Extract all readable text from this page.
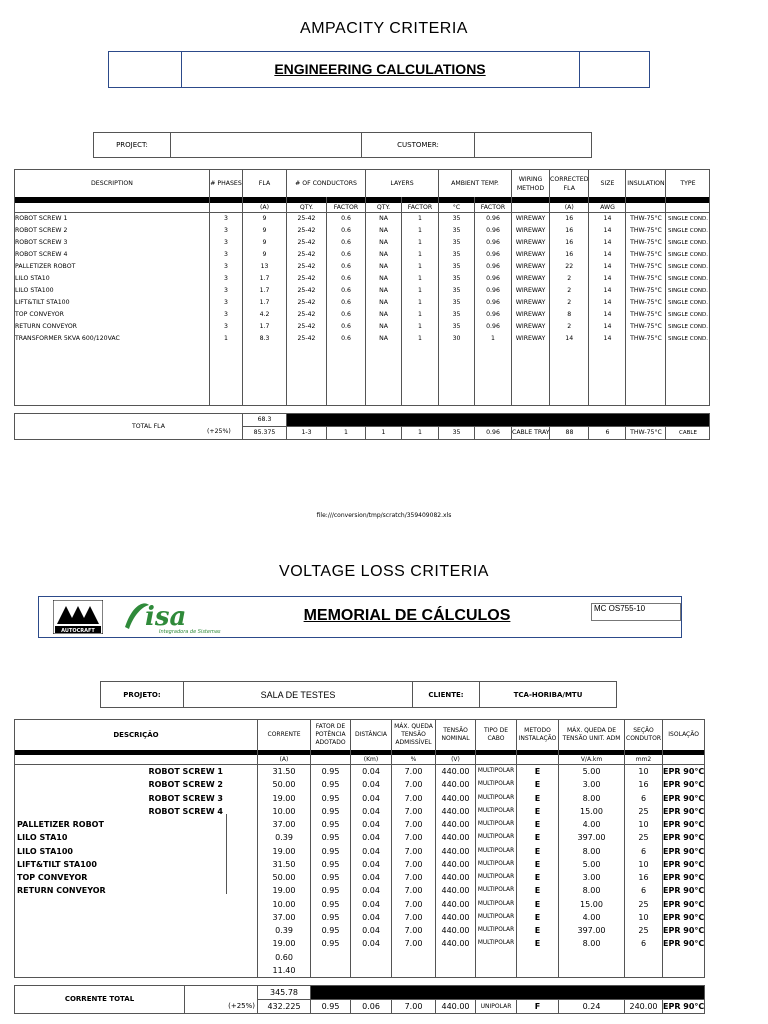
AMPACITY CRITERIA
ENGINEERING CALCULATIONS
PROJECT:		CUSTOMER:	
DESCRIPTION	# PHASES	FLA	# OF CONDUCTORS		LAYERS		AMBIENT TEMP.		WIRING METHOD	CORRECTED FLA	SIZE	INSULATION	TYPE

		(A)	QTY.	FACTOR	QTY.	FACTOR	°C	FACTOR		(A)	AWG		
ROBOT SCREW 1	3	9	25-42	0.6	NA	1	35	0.96	WIREWAY	16	14	THW-75°C	SINGLE COND.
ROBOT SCREW 2	3	9	25-42	0.6	NA	1	35	0.96	WIREWAY	16	14	THW-75°C	SINGLE COND.
ROBOT SCREW 3	3	9	25-42	0.6	NA	1	35	0.96	WIREWAY	16	14	THW-75°C	SINGLE COND.
ROBOT SCREW 4	3	9	25-42	0.6	NA	1	35	0.96	WIREWAY	16	14	THW-75°C	SINGLE COND.
PALLETIZER ROBOT	3	13	25-42	0.6	NA	1	35	0.96	WIREWAY	22	14	THW-75°C	SINGLE COND.
LILO STA10	3	1.7	25-42	0.6	NA	1	35	0.96	WIREWAY	2	14	THW-75°C	SINGLE COND.
LILO STA100	3	1.7	25-42	0.6	NA	1	35	0.96	WIREWAY	2	14	THW-75°C	SINGLE COND.
LIFT&TILT STA100	3	1.7	25-42	0.6	NA	1	35	0.96	WIREWAY	2	14	THW-75°C	SINGLE COND.
TOP CONVEYOR	3	4.2	25-42	0.6	NA	1	35	0.96	WIREWAY	8	14	THW-75°C	SINGLE COND.
RETURN CONVEYOR	3	1.7	25-42	0.6	NA	1	35	0.96	WIREWAY	2	14	THW-75°C	SINGLE COND.
TRANSFORMER 5KVA 600/120VAC	1	8.3	25-42	0.6	NA	1	30	1	WIREWAY	14	14	THW-75°C	SINGLE COND.

TOTAL FLA	68.3											
	85.375	1-3	1	1	1	35	0.96	CABLE TRAY	88	6	THW-75°C	CABLE
(+25%)
file:///conversion/tmp/scratch/359409082.xls
VOLTAGE LOSS CRITERIA
AUTOCRAFT isa
Integradora de Sistemas
MEMORIAL DE CÁLCULOS	MC OS755-10
PROJETO:	SALA DE TESTES	CLIENTE:	TCA-HORIBA/MTU
DESCRIÇÃO	CORRENTE	FATOR DE POTÊNCIA ADOTADO	DISTÂNCIA	MÁX. QUEDA TENSÃO ADMISSÍVEL	TENSÃO NOMINAL	TIPO DE CABO	METODO INSTALAÇÃO	MÁX. QUEDA DE TENSÃO UNIT. ADM	SEÇÃO CONDUTOR	ISOLAÇÃO

	(A)		(Km)	%	(V)			V/A.km	mm2	
ROBOT SCREW 1	31.50	0.95	0.04	7.00	440.00	MULTIPOLAR	E	5.00	10	EPR 90°C
ROBOT SCREW 2	50.00	0.95	0.04	7.00	440.00	MULTIPOLAR	E	3.00	16	EPR 90°C
ROBOT SCREW 3	19.00	0.95	0.04	7.00	440.00	MULTIPOLAR	E	8.00	6	EPR 90°C
ROBOT SCREW 4	10.00	0.95	0.04	7.00	440.00	MULTIPOLAR	E	15.00	25	EPR 90°C
PALLETIZER ROBOT	37.00	0.95	0.04	7.00	440.00	MULTIPOLAR	E	4.00	10	EPR 90°C
LILO STA10	0.39	0.95	0.04	7.00	440.00	MULTIPOLAR	E	397.00	25	EPR 90°C
LILO STA100	19.00	0.95	0.04	7.00	440.00	MULTIPOLAR	E	8.00	6	EPR 90°C
LIFT&TILT STA100	31.50	0.95	0.04	7.00	440.00	MULTIPOLAR	E	5.00	10	EPR 90°C
TOP CONVEYOR	50.00	0.95	0.04	7.00	440.00	MULTIPOLAR	E	3.00	16	EPR 90°C
RETURN CONVEYOR	19.00	0.95	0.04	7.00	440.00	MULTIPOLAR	E	8.00	6	EPR 90°C
	10.00	0.95	0.04	7.00	440.00	MULTIPOLAR	E	15.00	25	EPR 90°C
	37.00	0.95	0.04	7.00	440.00	MULTIPOLAR	E	4.00	10	EPR 90°C
	0.39	0.95	0.04	7.00	440.00	MULTIPOLAR	E	397.00	25	EPR 90°C
	19.00	0.95	0.04	7.00	440.00	MULTIPOLAR	E	8.00	6	EPR 90°C
	0.60									
	11.40									
CORRENTE TOTAL	(+25%)	345.78									
		432.225	0.95	0.06	7.00	440.00	UNIPOLAR	F	0.24	240.00	EPR 90°C
